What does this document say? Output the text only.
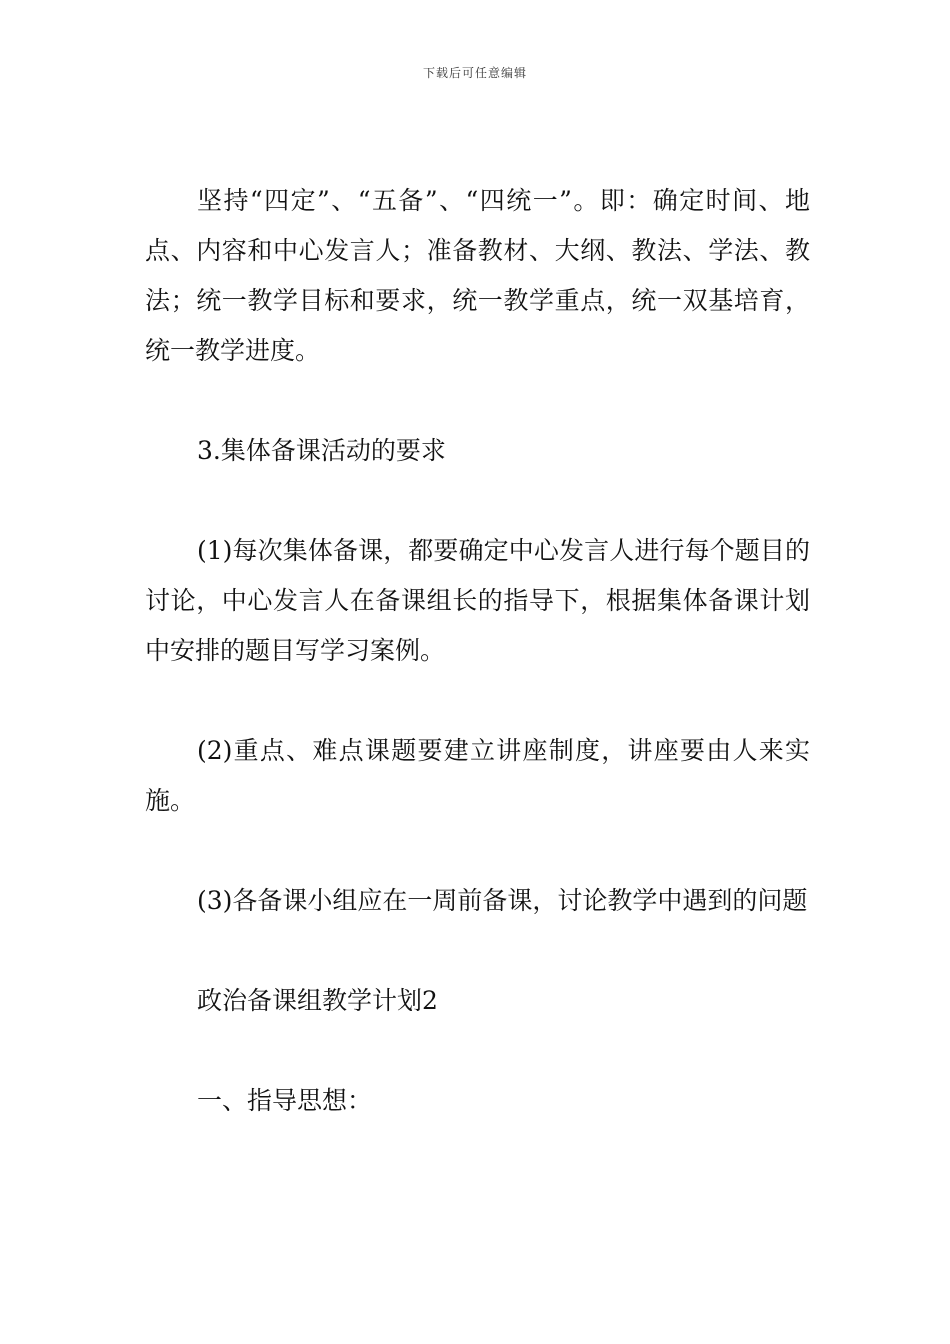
下载后可任意编辑

坚持“四定”、“五备”、“四统一”。即：确定时间、地点、内容和中心发言人；准备教材、大纲、教法、学法、教法；统一教学目标和要求，统一教学重点，统一双基培育，统一教学进度。

3.集体备课活动的要求

(1)每次集体备课，都要确定中心发言人进行每个题目的讨论，中心发言人在备课组长的指导下，根据集体备课计划中安排的题目写学习案例。

(2)重点、难点课题要建立讲座制度，讲座要由人来实施。

(3)各备课小组应在一周前备课，讨论教学中遇到的问题

政治备课组教学计划2

一、指导思想：
